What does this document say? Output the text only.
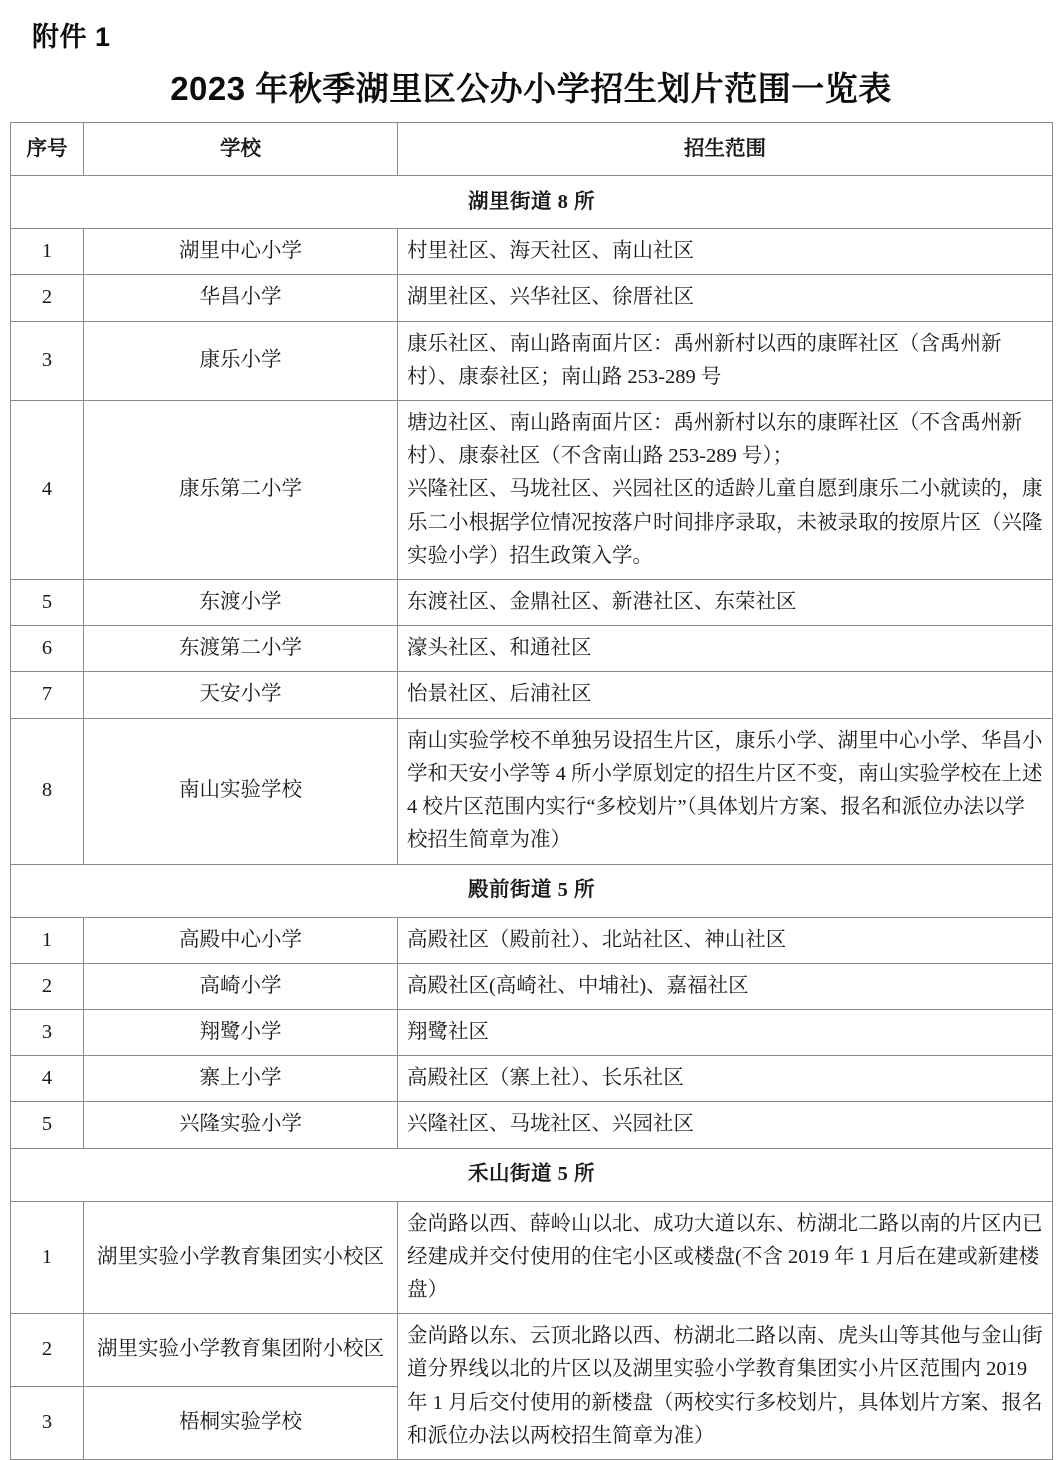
附件 1
2023 年秋季湖里区公办小学招生划片范围一览表
序号	学校	招生范围
湖里街道 8 所		
1	湖里中心小学	村里社区、海天社区、南山社区

2	华昌小学	湖里社区、兴华社区、徐厝社区

3	康乐小学	康乐社区、南山路南面片区：禹州新村以西的康晖社区（含禹州新村）、康泰社区；南山路 253-289 号

4	康乐第二小学	塘边社区、南山路南面片区：禹州新村以东的康晖社区（不含禹州新村）、康泰社区（不含南山路 253-289 号）；

兴隆社区、马垅社区、兴园社区的适龄儿童自愿到康乐二小就读的，康乐二小根据学位情况按落户时间排序录取，未被录取的按原片区（兴隆实验小学）招生政策入学。

5	东渡小学	东渡社区、金鼎社区、新港社区、东荣社区

6	东渡第二小学	濠头社区、和通社区

7	天安小学	怡景社区、后浦社区

8	南山实验学校	南山实验学校不单独另设招生片区，康乐小学、湖里中心小学、华昌小学和天安小学等 4 所小学原划定的招生片区不变，南山实验学校在上述 4 校片区范围内实行“多校划片”（具体划片方案、报名和派位办法以学校招生简章为准）

殿前街道 5 所		
1	高殿中心小学	高殿社区（殿前社）、北站社区、神山社区

2	高崎小学	高殿社区(高崎社、中埔社)、嘉福社区

3	翔鹭小学	翔鹭社区

4	寨上小学	高殿社区（寨上社）、长乐社区

5	兴隆实验小学	兴隆社区、马垅社区、兴园社区

禾山街道 5 所		
1	湖里实验小学教育集团实小校区	金尚路以西、薛岭山以北、成功大道以东、枋湖北二路以南的片区内已经建成并交付使用的住宅小区或楼盘(不含 2019 年 1 月后在建或新建楼盘）

2	湖里实验小学教育集团附小校区	金尚路以东、云顶北路以西、枋湖北二路以南、虎头山等其他与金山街道分界线以北的片区以及湖里实验小学教育集团实小片区范围内 2019 年 1 月后交付使用的新楼盘（两校实行多校划片，具体划片方案、报名和派位办法以两校招生简章为准）

3	梧桐实验学校	
